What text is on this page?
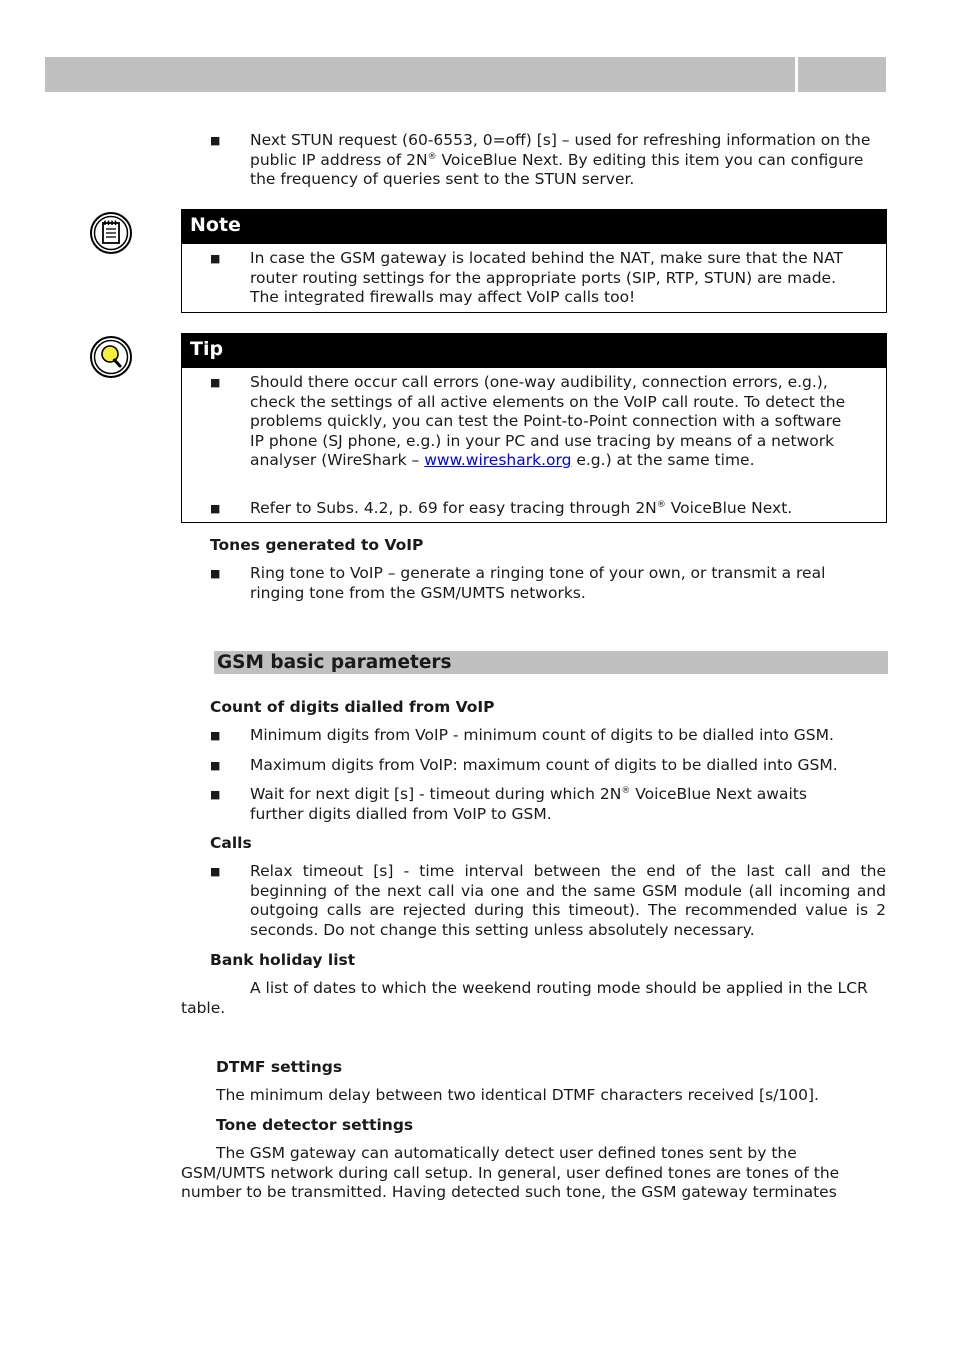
■ Next STUN request (60-6553, 0=off) [s] – used for refreshing information on the public IP address of 2N® VoiceBlue Next. By editing this item you can configure the frequency of queries sent to the STUN server.
Note
■ In case the GSM gateway is located behind the NAT, make sure that the NAT router routing settings for the appropriate ports (SIP, RTP, STUN) are made. The integrated firewalls may affect VoIP calls too!
Tip
■ Should there occur call errors (one-way audibility, connection errors, e.g.), check the settings of all active elements on the VoIP call route. To detect the problems quickly, you can test the Point-to-Point connection with a software IP phone (SJ phone, e.g.) in your PC and use tracing by means of a network analyser (WireShark – www.wireshark.org e.g.) at the same time.
■ Refer to Subs. 4.2, p. 69 for easy tracing through 2N® VoiceBlue Next.
Tones generated to VoIP
■ Ring tone to VoIP – generate a ringing tone of your own, or transmit a real ringing tone from the GSM/UMTS networks.
GSM basic parameters
Count of digits dialled from VoIP
■ Minimum digits from VoIP - minimum count of digits to be dialled into GSM.
■ Maximum digits from VoIP: maximum count of digits to be dialled into GSM.
■ Wait for next digit [s] - timeout during which 2N® VoiceBlue Next awaits further digits dialled from VoIP to GSM.
Calls
■ Relax timeout [s] - time interval between the end of the last call and the beginning of the next call via one and the same GSM module (all incoming and outgoing calls are rejected during this timeout). The recommended value is 2 seconds. Do not change this setting unless absolutely necessary.
Bank holiday list
A list of dates to which the weekend routing mode should be applied in the LCR table.
DTMF settings
The minimum delay between two identical DTMF characters received [s/100].
Tone detector settings
The GSM gateway can automatically detect user defined tones sent by the GSM/UMTS network during call setup. In general, user defined tones are tones of the number to be transmitted. Having detected such tone, the GSM gateway terminates
